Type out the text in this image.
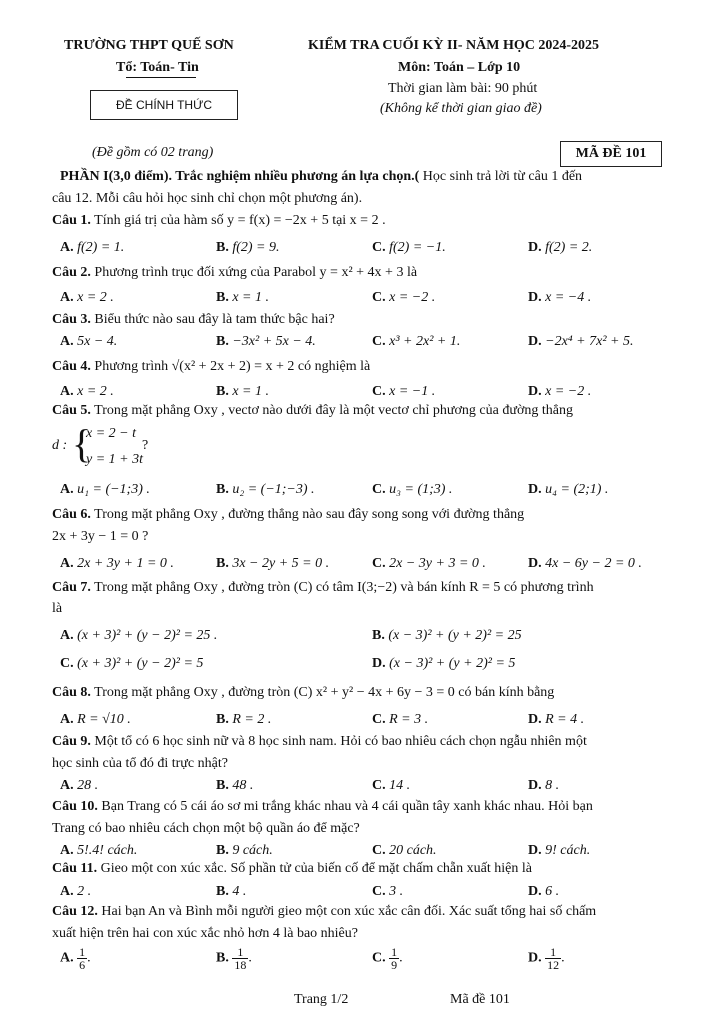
TRƯỜNG THPT QUẾ SƠN
Tổ: Toán- Tin
ĐỀ CHÍNH THỨC
KIỂM TRA CUỐI KỲ II- NĂM HỌC 2024-2025
Môn: Toán – Lớp 10
Thời gian làm bài: 90 phút
(Không kể thời gian giao đề)
(Đề gồm có 02 trang)	MÃ ĐỀ 101
PHẦN I(3,0 điểm). Trắc nghiệm nhiều phương án lựa chọn.( Học sinh trả lời từ câu 1 đến
câu 12. Mỗi câu hỏi học sinh chỉ chọn một phương án).
Câu 1. Tính giá trị của hàm số y = f(x) = −2x + 5 tại x = 2 .
A. f(2) = 1.	B. f(2) = 9.	C. f(2) = −1.	D. f(2) = 2.
Câu 2. Phương trình trục đối xứng của Parabol y = x² + 4x + 3 là
A. x = 2 .	B. x = 1 .	C. x = −2 .	D. x = −4 .
Câu 3. Biểu thức nào sau đây là tam thức bậc hai?
A. 5x − 4.	B. −3x² + 5x − 4.	C. x³ + 2x² + 1.	D. −2x⁴ + 7x² + 5.
Câu 4. Phương trình √(x² + 2x + 2) = x + 2 có nghiệm là
A. x = 2 .	B. x = 1 .	C. x = −1 .	D. x = −2 .
Câu 5. Trong mặt phẳng Oxy , vectơ nào dưới đây là một vectơ chỉ phương của đường thẳng
d : {
x = 2 − t
y = 1 + 3t
?
A. u₁ = (−1;3) .	B. u₂ = (−1;−3) .	C. u₃ = (1;3) .	D. u₄ = (2;1) .
Câu 6. Trong mặt phẳng Oxy , đường thẳng nào sau đây song song với đường thẳng
2x + 3y − 1 = 0 ?
A. 2x + 3y + 1 = 0 .	B. 3x − 2y + 5 = 0 .	C. 2x − 3y + 3 = 0 .	D. 4x − 6y − 2 = 0 .
Câu 7. Trong mặt phẳng Oxy , đường tròn (C) có tâm I(3;−2) và bán kính R = 5 có phương trình
là
A. (x + 3)² + (y − 2)² = 25 .	B. (x − 3)² + (y + 2)² = 25
C. (x + 3)² + (y − 2)² = 5	D. (x − 3)² + (y + 2)² = 5
Câu 8. Trong mặt phẳng Oxy , đường tròn (C) x² + y² − 4x + 6y − 3 = 0 có bán kính bằng
A. R = √10 .	B. R = 2 .	C. R = 3 .	D. R = 4 .
Câu 9. Một tổ có 6 học sinh nữ và 8 học sinh nam. Hỏi có bao nhiêu cách chọn ngẫu nhiên một
học sinh của tổ đó đi trực nhật?
A. 28 .	B. 48 .	C. 14 .	D. 8 .
Câu 10. Bạn Trang có 5 cái áo sơ mi trắng khác nhau và 4 cái quần tây xanh khác nhau. Hỏi bạn
Trang có bao nhiêu cách chọn một bộ quần áo để mặc?
A. 5!.4! cách.	B. 9 cách.	C. 20 cách.	D. 9! cách.
Câu 11. Gieo một con xúc xắc. Số phần tử của biến cố để mặt chấm chẵn xuất hiện là
A. 2 .	B. 4 .	C. 3 .	D. 6 .
Câu 12. Hai bạn An và Bình mỗi người gieo một con xúc xắc cân đối. Xác suất tổng hai số chấm
xuất hiện trên hai con xúc xắc nhỏ hơn 4 là bao nhiêu?
A. $\frac{1}{6}$ .	B. $\frac{1}{18}$ .	C. $\frac{1}{9}$ .	D. $\frac{1}{12}$ .
Trang 1/2	Mã đề 101
